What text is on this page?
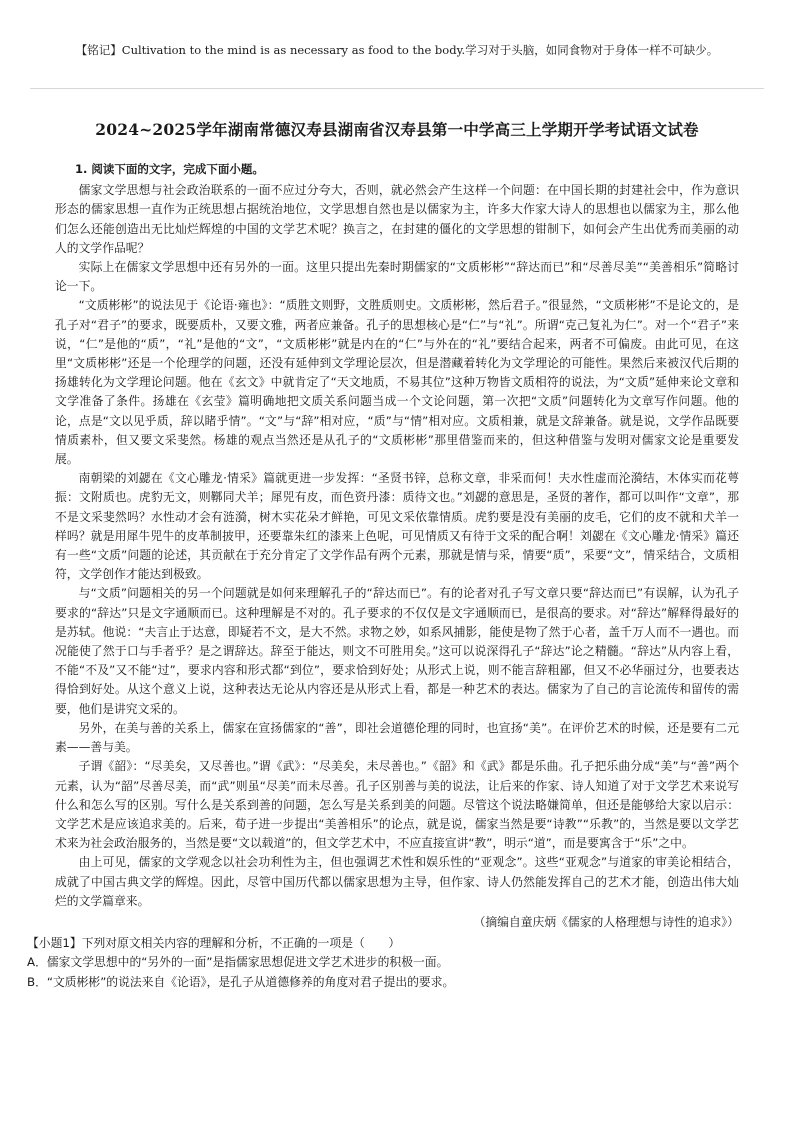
【铭记】Cultivation to the mind is as necessary as food to the body.学习对于头脑，如同食物对于身体一样不可缺少。
2024~2025学年湖南常德汉寿县湖南省汉寿县第一中学高三上学期开学考试语文试卷
1. 阅读下面的文字，完成下面小题。

儒家文学思想与社会政治联系的一面不应过分夸大，否则，就必然会产生这样一个问题：在中国长期的封建社会中，作为意识形态的儒家思想一直作为正统思想占据统治地位，文学思想自然也是以儒家为主，许多大作家大诗人的思想也以儒家为主，那么他们怎么还能创造出无比灿烂辉煌的中国的文学艺术呢？换言之，在封建的僵化的文学思想的钳制下，如何会产生出优秀而美丽的动人的文学作品呢？

实际上在儒家文学思想中还有另外的一面。这里只提出先秦时期儒家的“文质彬彬”“辞达而已”和“尽善尽美”“美善相乐”简略讨论一下。

“文质彬彬”的说法见于《论语·雍也》：“质胜文则野，文胜质则史。文质彬彬，然后君子。”很显然，“文质彬彬”不是论文的，是孔子对“君子”的要求，既要质朴，又要文雅，两者应兼备。孔子的思想核心是“仁”与“礼”。所谓“克己复礼为仁”。对一个“君子”来说，“仁”是他的“质”，“礼”是他的“文”，“文质彬彬”就是内在的“仁”与外在的“礼”要结合起来，两者不可偏废。由此可见，在这里“文质彬彬”还是一个伦理学的问题，还没有延伸到文学理论层次，但是潜藏着转化为文学理论的可能性。果然后来被汉代后期的扬雄转化为文学理论问题。他在《玄文》中就肯定了“天文地质，不易其位”这种万物皆文质相符的说法，为“文质”延伸来论文章和文学准备了条件。扬雄在《玄莹》篇明确地把文质关系问题当成一个文论问题，第一次把“文质”问题转化为文章写作问题。他的论，点是“文以见乎质，辞以睹乎情”。“文”与“辞”相对应，“质”与“情”相对应。文质相兼，就是文辞兼备。就是说，文学作品既要情质素朴，但又要文采斐然。杨雄的观点当然还是从孔子的“文质彬彬”那里借鉴而来的，但这种借鉴与发明对儒家文论是重要发展。

南朝梁的刘勰在《文心雕龙·情采》篇就更进一步发挥：“圣贤书锌，总称文章，非采而何！夫水性虚而沦漪结，木体实而花萼振：文附质也。虎豹无文，则鞹同犬羊；犀兕有皮，而色资丹漆：质待文也。”刘勰的意思是，圣贤的著作，都可以叫作“文章”，那不是文采斐然吗？水性动才会有涟漪，树木实花朵才鲜艳，可见文采依靠情质。虎豹要是没有美丽的皮毛，它们的皮不就和犬羊一样吗？就是用犀牛兕牛的皮革制披甲，还要靠朱红的漆来上色呢，可见情质又有待于文采的配合啊！刘勰在《文心雕龙·情采》篇还有一些“文质”问题的论述，其贡献在于充分肯定了文学作品有两个元素，那就是情与采，情要“质”，采要“文”，情采结合，文质相符，文学创作才能达到极致。

与“文质”问题相关的另一个问题就是如何来理解孔子的“辞达而已”。有的论者对孔子写文章只要“辞达而已”有误解，认为孔子要求的“辞达”只是文字通顺而已。这种理解是不对的。孔子要求的不仅仅是文字通顺而已，是很高的要求。对“辞达”解释得最好的是苏轼。他说：“夫言止于达意，即疑若不文，是大不然。求物之妙，如系风捕影，能使是物了然于心者，盖千万人而不一遇也。而况能使了然于口与手者乎？是之谓辞达。辞至于能达，则文不可胜用矣。”这可以说深得孔子“辞达”论之精髓。“辞达”从内容上看，不能“不及”又不能“过”，要求内容和形式都“到位”，要求恰到好处；从形式上说，则不能言辞粗鄙，但又不必华丽过分，也要表达得恰到好处。从这个意义上说，这种表达无论从内容还是从形式上看，都是一种艺术的表达。儒家为了自己的言论流传和留传的需要，他们是讲究文采的。

另外，在美与善的关系上，儒家在宣扬儒家的“善”，即社会道德伦理的同时，也宣扬“美”。在评价艺术的时候，还是要有二元素——善与美。

子谓《韶》：“尽美矣，又尽善也。”谓《武》：“尽美矣，未尽善也。”《韶》和《武》都是乐曲。孔子把乐曲分成“美”与“善”两个元素，认为“韶”尽善尽美，而“武”则虽“尽美”而未尽善。孔子区别善与美的说法，让后来的作家、诗人知道了对于文学艺术来说写什么和怎么写的区别。写什么是关系到善的问题，怎么写是关系到美的问题。尽管这个说法略嫌简单，但还是能够给大家以启示：文学艺术是应该追求美的。后来，荀子进一步提出“美善相乐”的论点，就是说，儒家当然是要“诗教”“乐教”的，当然是要以文学艺术来为社会政治服务的，当然是要“文以载道”的，但文学艺术中，不应直接宣讲“教”，明示“道”，而是要寓含于“乐”之中。

由上可见，儒家的文学观念以社会功利性为主，但也强调艺术性和娱乐性的“亚观念”。这些“亚观念”与道家的审美论相结合，成就了中国古典文学的辉煌。因此，尽管中国历代都以儒家思想为主导，但作家、诗人仍然能发挥自己的艺术才能，创造出伟大灿烂的文学篇章来。

（摘编自童庆炳《儒家的人格理想与诗性的追求》）

【小题1】下列对原文相关内容的理解和分析，不正确的一项是（　　）

A．儒家文学思想中的“另外的一面”是指儒家思想促进文学艺术进步的积极一面。

B．“文质彬彬”的说法来自《论语》，是孔子从道德修养的角度对君子提出的要求。
